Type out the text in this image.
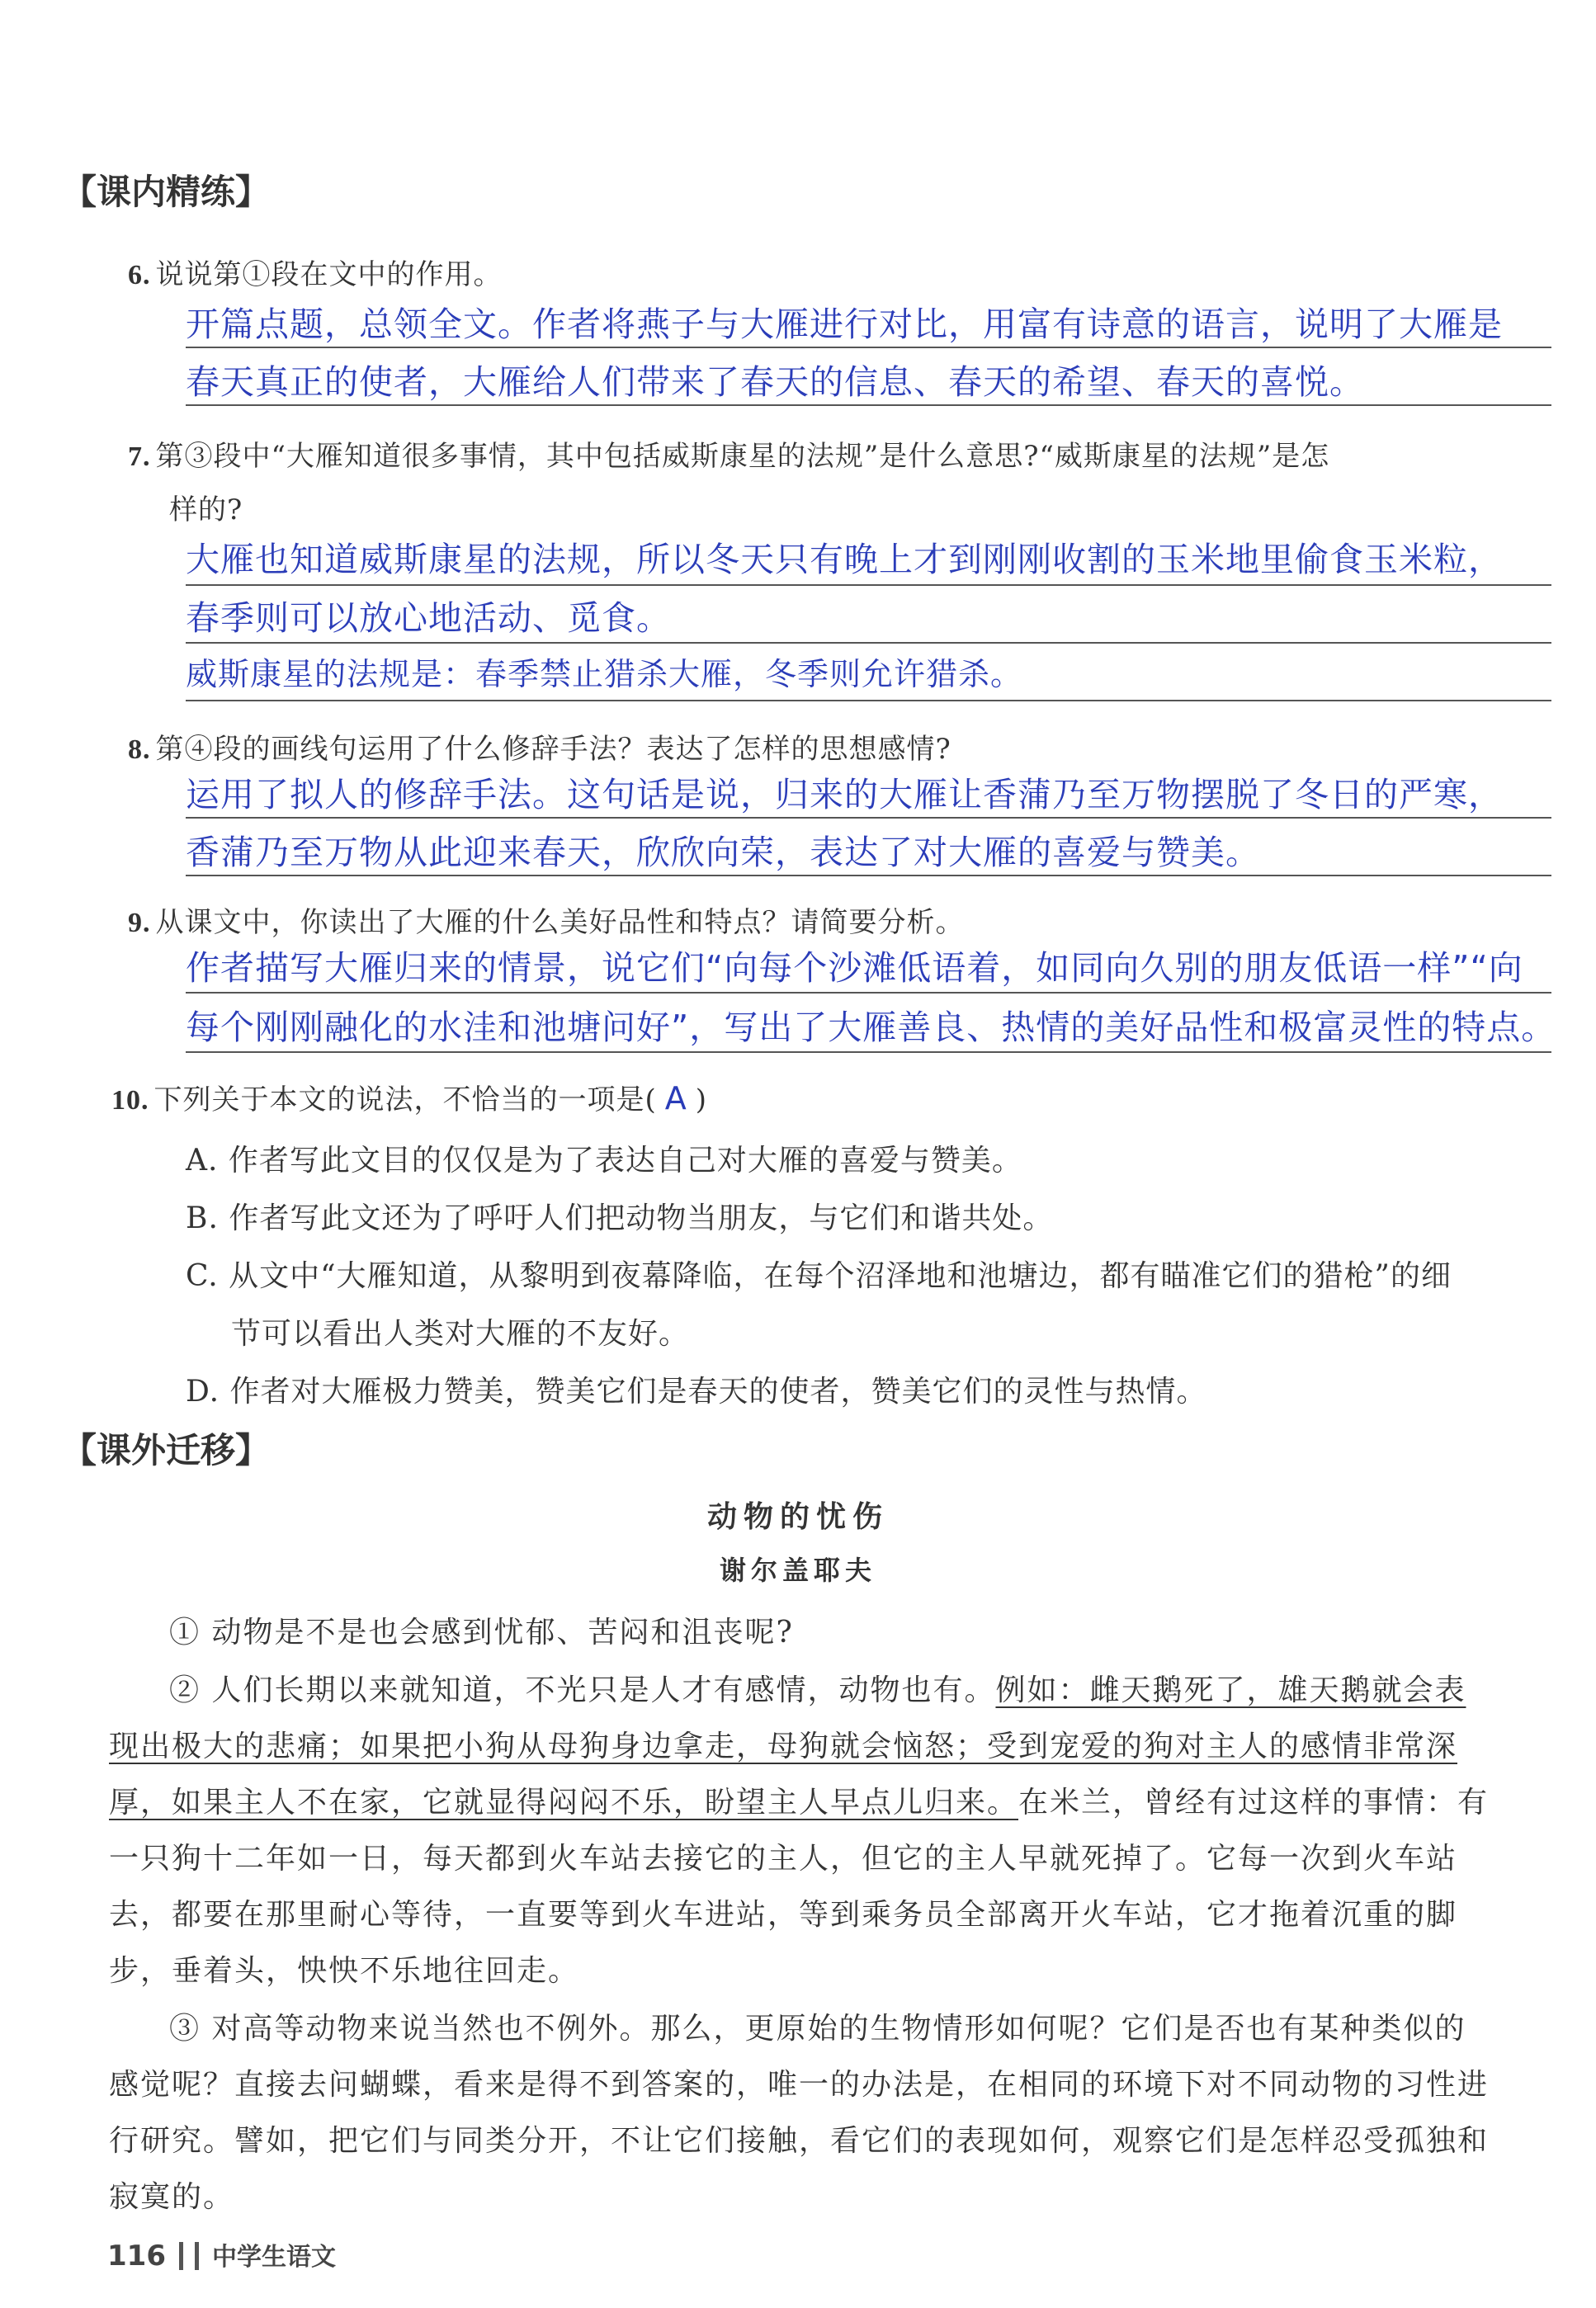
【课内精练】
6. 说说第①段在文中的作用。
开篇点题，总领全文。作者将燕子与大雁进行对比，用富有诗意的语言，说明了大雁是
春天真正的使者，大雁给人们带来了春天的信息、春天的希望、春天的喜悦。
7. 第③段中“大雁知道很多事情，其中包括威斯康星的法规”是什么意思?“威斯康星的法规”是怎
样的?
大雁也知道威斯康星的法规，所以冬天只有晚上才到刚刚收割的玉米地里偷食玉米粒，
春季则可以放心地活动、觅食。
威斯康星的法规是：春季禁止猎杀大雁，冬季则允许猎杀。
8. 第④段的画线句运用了什么修辞手法？表达了怎样的思想感情?
运用了拟人的修辞手法。这句话是说，归来的大雁让香蒲乃至万物摆脱了冬日的严寒，
香蒲乃至万物从此迎来春天，欣欣向荣，表达了对大雁的喜爱与赞美。
9. 从课文中，你读出了大雁的什么美好品性和特点？请简要分析。
作者描写大雁归来的情景，说它们“向每个沙滩低语着，如同向久别的朋友低语一样”“向
每个刚刚融化的水洼和池塘问好”，写出了大雁善良、热情的美好品性和极富灵性的特点。
10. 下列关于本文的说法，不恰当的一项是( A )
A. 作者写此文目的仅仅是为了表达自己对大雁的喜爱与赞美。
B. 作者写此文还为了呼吁人们把动物当朋友，与它们和谐共处。
C. 从文中“大雁知道，从黎明到夜幕降临，在每个沼泽地和池塘边，都有瞄准它们的猎枪”的细
节可以看出人类对大雁的不友好。
D. 作者对大雁极力赞美，赞美它们是春天的使者，赞美它们的灵性与热情。
【课外迁移】
动物的忧伤
谢尔盖耶夫
① 动物是不是也会感到忧郁、苦闷和沮丧呢?
② 人们长期以来就知道，不光只是人才有感情，动物也有。例如：雌天鹅死了，雄天鹅就会表
现出极大的悲痛；如果把小狗从母狗身边拿走，母狗就会恼怒；受到宠爱的狗对主人的感情非常深
厚，如果主人不在家，它就显得闷闷不乐，盼望主人早点儿归来。在米兰，曾经有过这样的事情：有
一只狗十二年如一日，每天都到火车站去接它的主人，但它的主人早就死掉了。它每一次到火车站
去，都要在那里耐心等待，一直要等到火车进站，等到乘务员全部离开火车站，它才拖着沉重的脚
步，垂着头，怏怏不乐地往回走。
③ 对高等动物来说当然也不例外。那么，更原始的生物情形如何呢？它们是否也有某种类似的
感觉呢？直接去问蝴蝶，看来是得不到答案的，唯一的办法是，在相同的环境下对不同动物的习性进
行研究。譬如，把它们与同类分开，不让它们接触，看它们的表现如何，观察它们是怎样忍受孤独和
寂寞的。
116 中学生语文
